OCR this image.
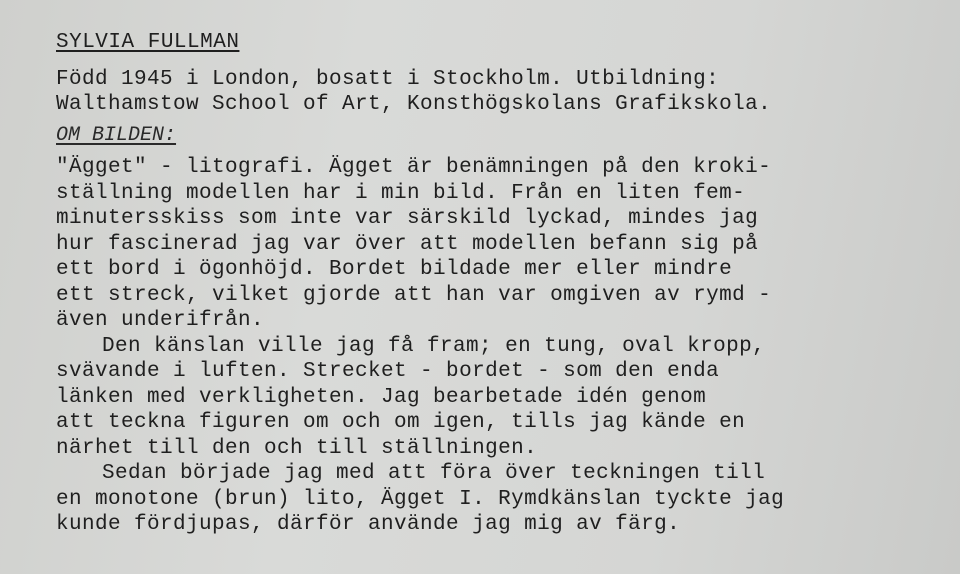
SYLVIA FULLMAN
Född 1945 i London, bosatt i Stockholm. Utbildning:
Walthamstow School of Art, Konsthögskolans Grafikskola.
OM BILDEN:
"Ägget" - litografi. Ägget är benämningen på den kroki-
ställning modellen har i min bild. Från en liten fem-
minutersskiss som inte var särskild lyckad, mindes jag
hur fascinerad jag var över att modellen befann sig på
ett bord i ögonhöjd. Bordet bildade mer eller mindre
ett streck, vilket gjorde att han var omgiven av rymd -
även underifrån.
Den känslan ville jag få fram; en tung, oval kropp,
svävande i luften. Strecket - bordet - som den enda
länken med verkligheten. Jag bearbetade idén genom
att teckna figuren om och om igen, tills jag kände en
närhet till den och till ställningen.
Sedan började jag med att föra över teckningen till
en monotone (brun) lito, Ägget I. Rymdkänslan tyckte jag
kunde fördjupas, därför använde jag mig av färg.
